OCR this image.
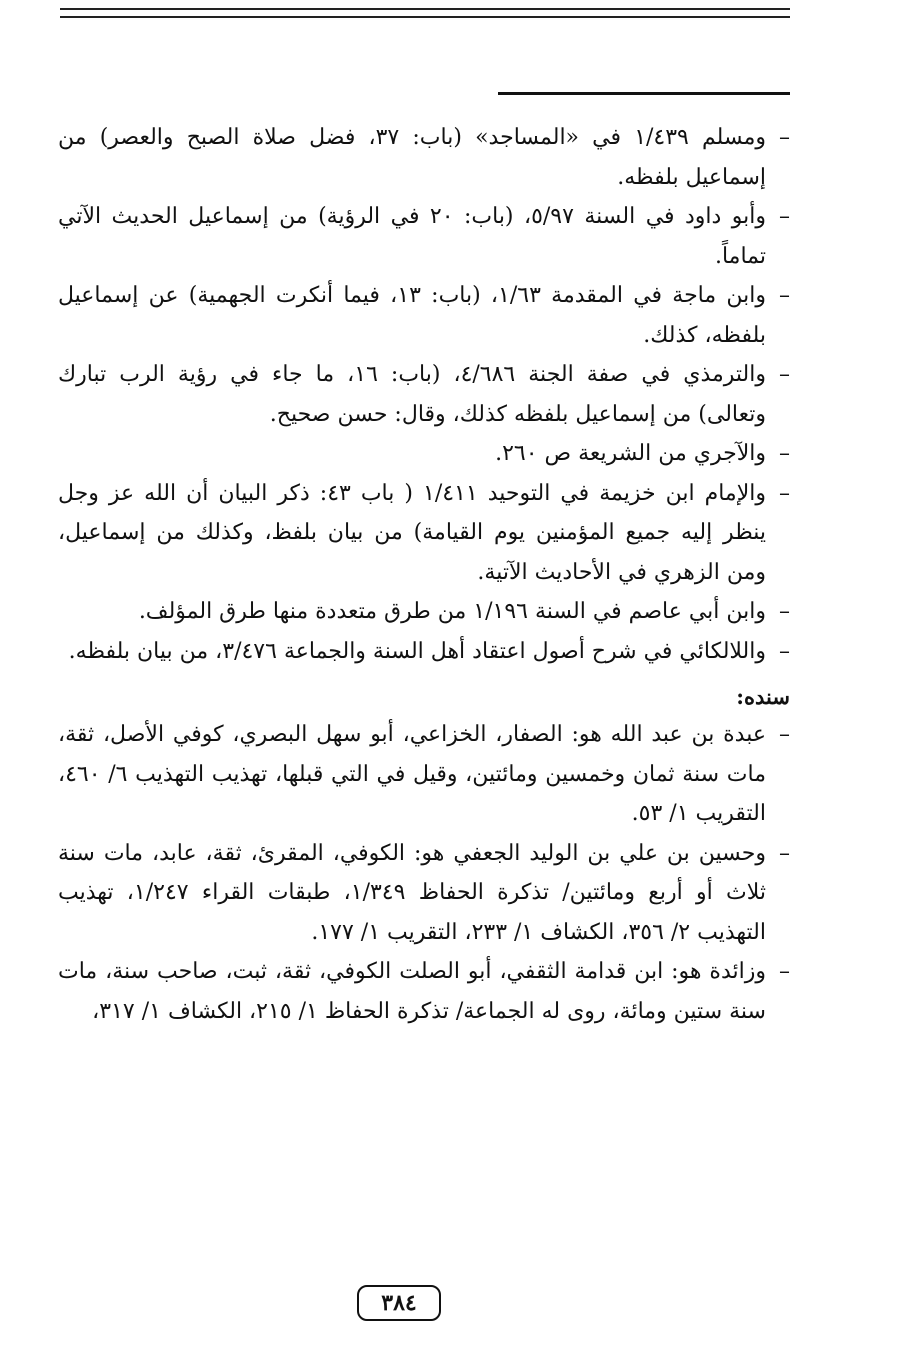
–ومسلم ١/٤٣٩ في «المساجد» (باب: ٣٧، فضل صلاة الصبح والعصر) من إسماعيل بلفظه.

–وأبو داود في السنة ٥/٩٧، (باب: ٢٠ في الرؤية) من إسماعيل الحديث الآتي تماماً.

–وابن ماجة في المقدمة ١/٦٣، (باب: ١٣، فيما أنكرت الجهمية) عن إسماعيل بلفظه، كذلك.

–والترمذي في صفة الجنة ٤/٦٨٦، (باب: ١٦، ما جاء في رؤية الرب تبارك وتعالى) من إسماعيل بلفظه كذلك، وقال: حسن صحيح.

–والآجري من الشريعة ص ٢٦٠.

–والإمام ابن خزيمة في التوحيد ١/٤١١ ( باب ٤٣: ذكر البيان أن الله عز وجل ينظر إليه جميع المؤمنين يوم القيامة) من بيان بلفظ، وكذلك من إسماعيل، ومن الزهري في الأحاديث الآتية.

–وابن أبي عاصم في السنة ١/١٩٦ من طرق متعددة منها طرق المؤلف.

–واللالكائي في شرح أصول اعتقاد أهل السنة والجماعة ٣/٤٧٦، من بيان بلفظه.

سنده:

–عبدة بن عبد الله هو: الصفار، الخزاعي، أبو سهل البصري، كوفي الأصل، ثقة، مات سنة ثمان وخمسين ومائتين، وقيل في التي قبلها، تهذيب التهذيب ٦/ ٤٦٠، التقريب ١/ ٥٣.

–وحسين بن علي بن الوليد الجعفي هو: الكوفي، المقرئ، ثقة، عابد، مات سنة ثلاث أو أربع ومائتين/ تذكرة الحفاظ ١/٣٤٩، طبقات القراء ١/٢٤٧، تهذيب التهذيب ٢/ ٣٥٦، الكشاف ١/ ٢٣٣، التقريب ١/ ١٧٧.

–وزائدة هو: ابن قدامة الثقفي، أبو الصلت الكوفي، ثقة، ثبت، صاحب سنة، مات سنة ستين ومائة، روى له الجماعة/ تذكرة الحفاظ ١/ ٢١٥، الكشاف ١/ ٣١٧،

٣٨٤
